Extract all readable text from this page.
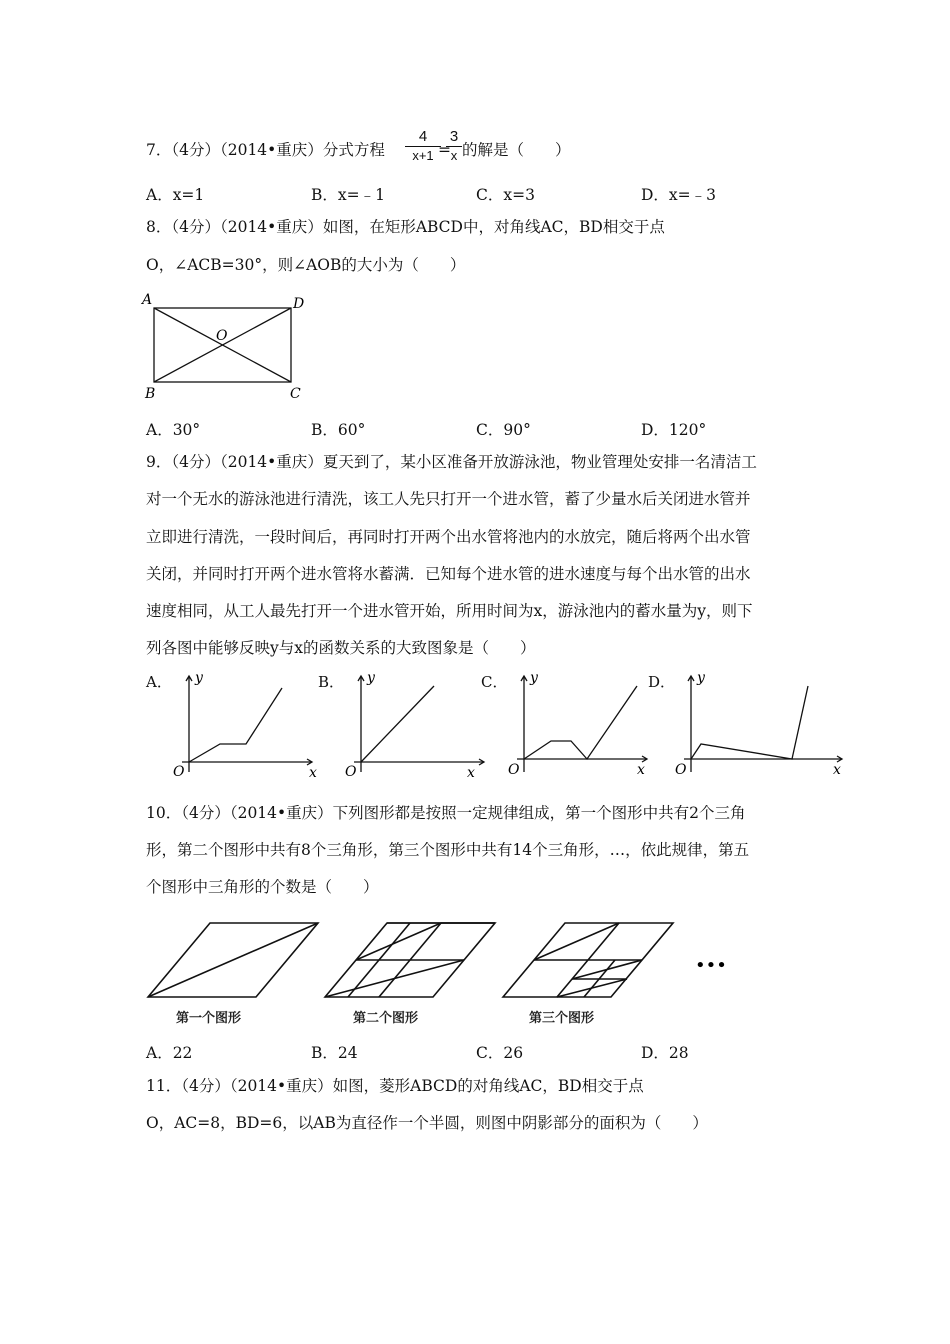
7．（4分）（2014•重庆）分式方程
4
x+1 =
3
x 的解是（　　）
A．x=1	B．x=﹣1	C．x=3	D．x=﹣3
8．（4分）（2014•重庆）如图，在矩形ABCD中，对角线AC，BD相交于点
O，∠ACB=30°，则∠AOB的大小为（　　）
A	D
B	C
O
A．30°	B．60°	C．90°	D．120°
9．（4分）（2014•重庆）夏天到了，某小区准备开放游泳池，物业管理处安排一名清洁工
对一个无水的游泳池进行清洗，该工人先只打开一个进水管，蓄了少量水后关闭进水管并
立即进行清洗，一段时间后，再同时打开两个出水管将池内的水放完，随后将两个出水管
关闭，并同时打开两个进水管将水蓄满．已知每个进水管的进水速度与每个出水管的出水
速度相同，从工人最先打开一个进水管开始，所用时间为x，游泳池内的蓄水量为y，则下
列各图中能够反映y与x的函数关系的大致图象是（　　）
A． y
x
O
B． y
x
O
C． y
x
O
D． y
x
O
10．（4分）（2014•重庆）下列图形都是按照一定规律组成，第一个图形中共有2个三角
形，第二个图形中共有8个三角形，第三个图形中共有14个三角形，…，依此规律，第五
个图形中三角形的个数是（　　）
•••
第一个图形	第二个图形	第三个图形
A．22	B．24	C．26	D．28
11．（4分）（2014•重庆）如图，菱形ABCD的对角线AC，BD相交于点
O，AC=8，BD=6，以AB为直径作一个半圆，则图中阴影部分的面积为（　　）
